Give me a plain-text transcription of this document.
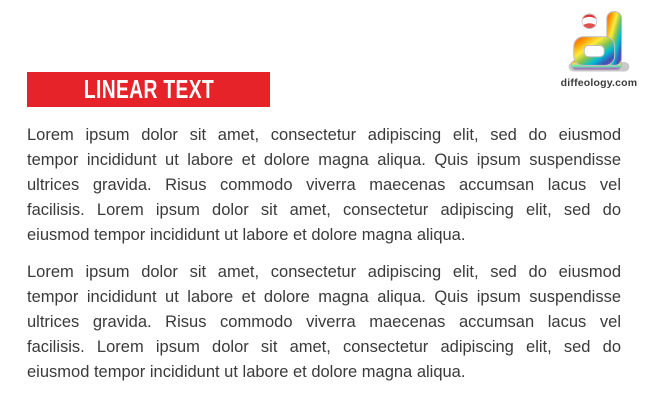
diffeology.com
LINEAR TEXT
Lorem ipsum dolor sit amet, consectetur adipiscing elit, sed do eiusmod
tempor incididunt ut labore et dolore magna aliqua. Quis ipsum suspendisse
ultrices gravida. Risus commodo viverra maecenas accumsan lacus vel
facilisis. Lorem ipsum dolor sit amet, consectetur adipiscing elit, sed do
eiusmod tempor incididunt ut labore et dolore magna aliqua.
Lorem ipsum dolor sit amet, consectetur adipiscing elit, sed do eiusmod
tempor incididunt ut labore et dolore magna aliqua. Quis ipsum suspendisse
ultrices gravida. Risus commodo viverra maecenas accumsan lacus vel
facilisis. Lorem ipsum dolor sit amet, consectetur adipiscing elit, sed do
eiusmod tempor incididunt ut labore et dolore magna aliqua.
